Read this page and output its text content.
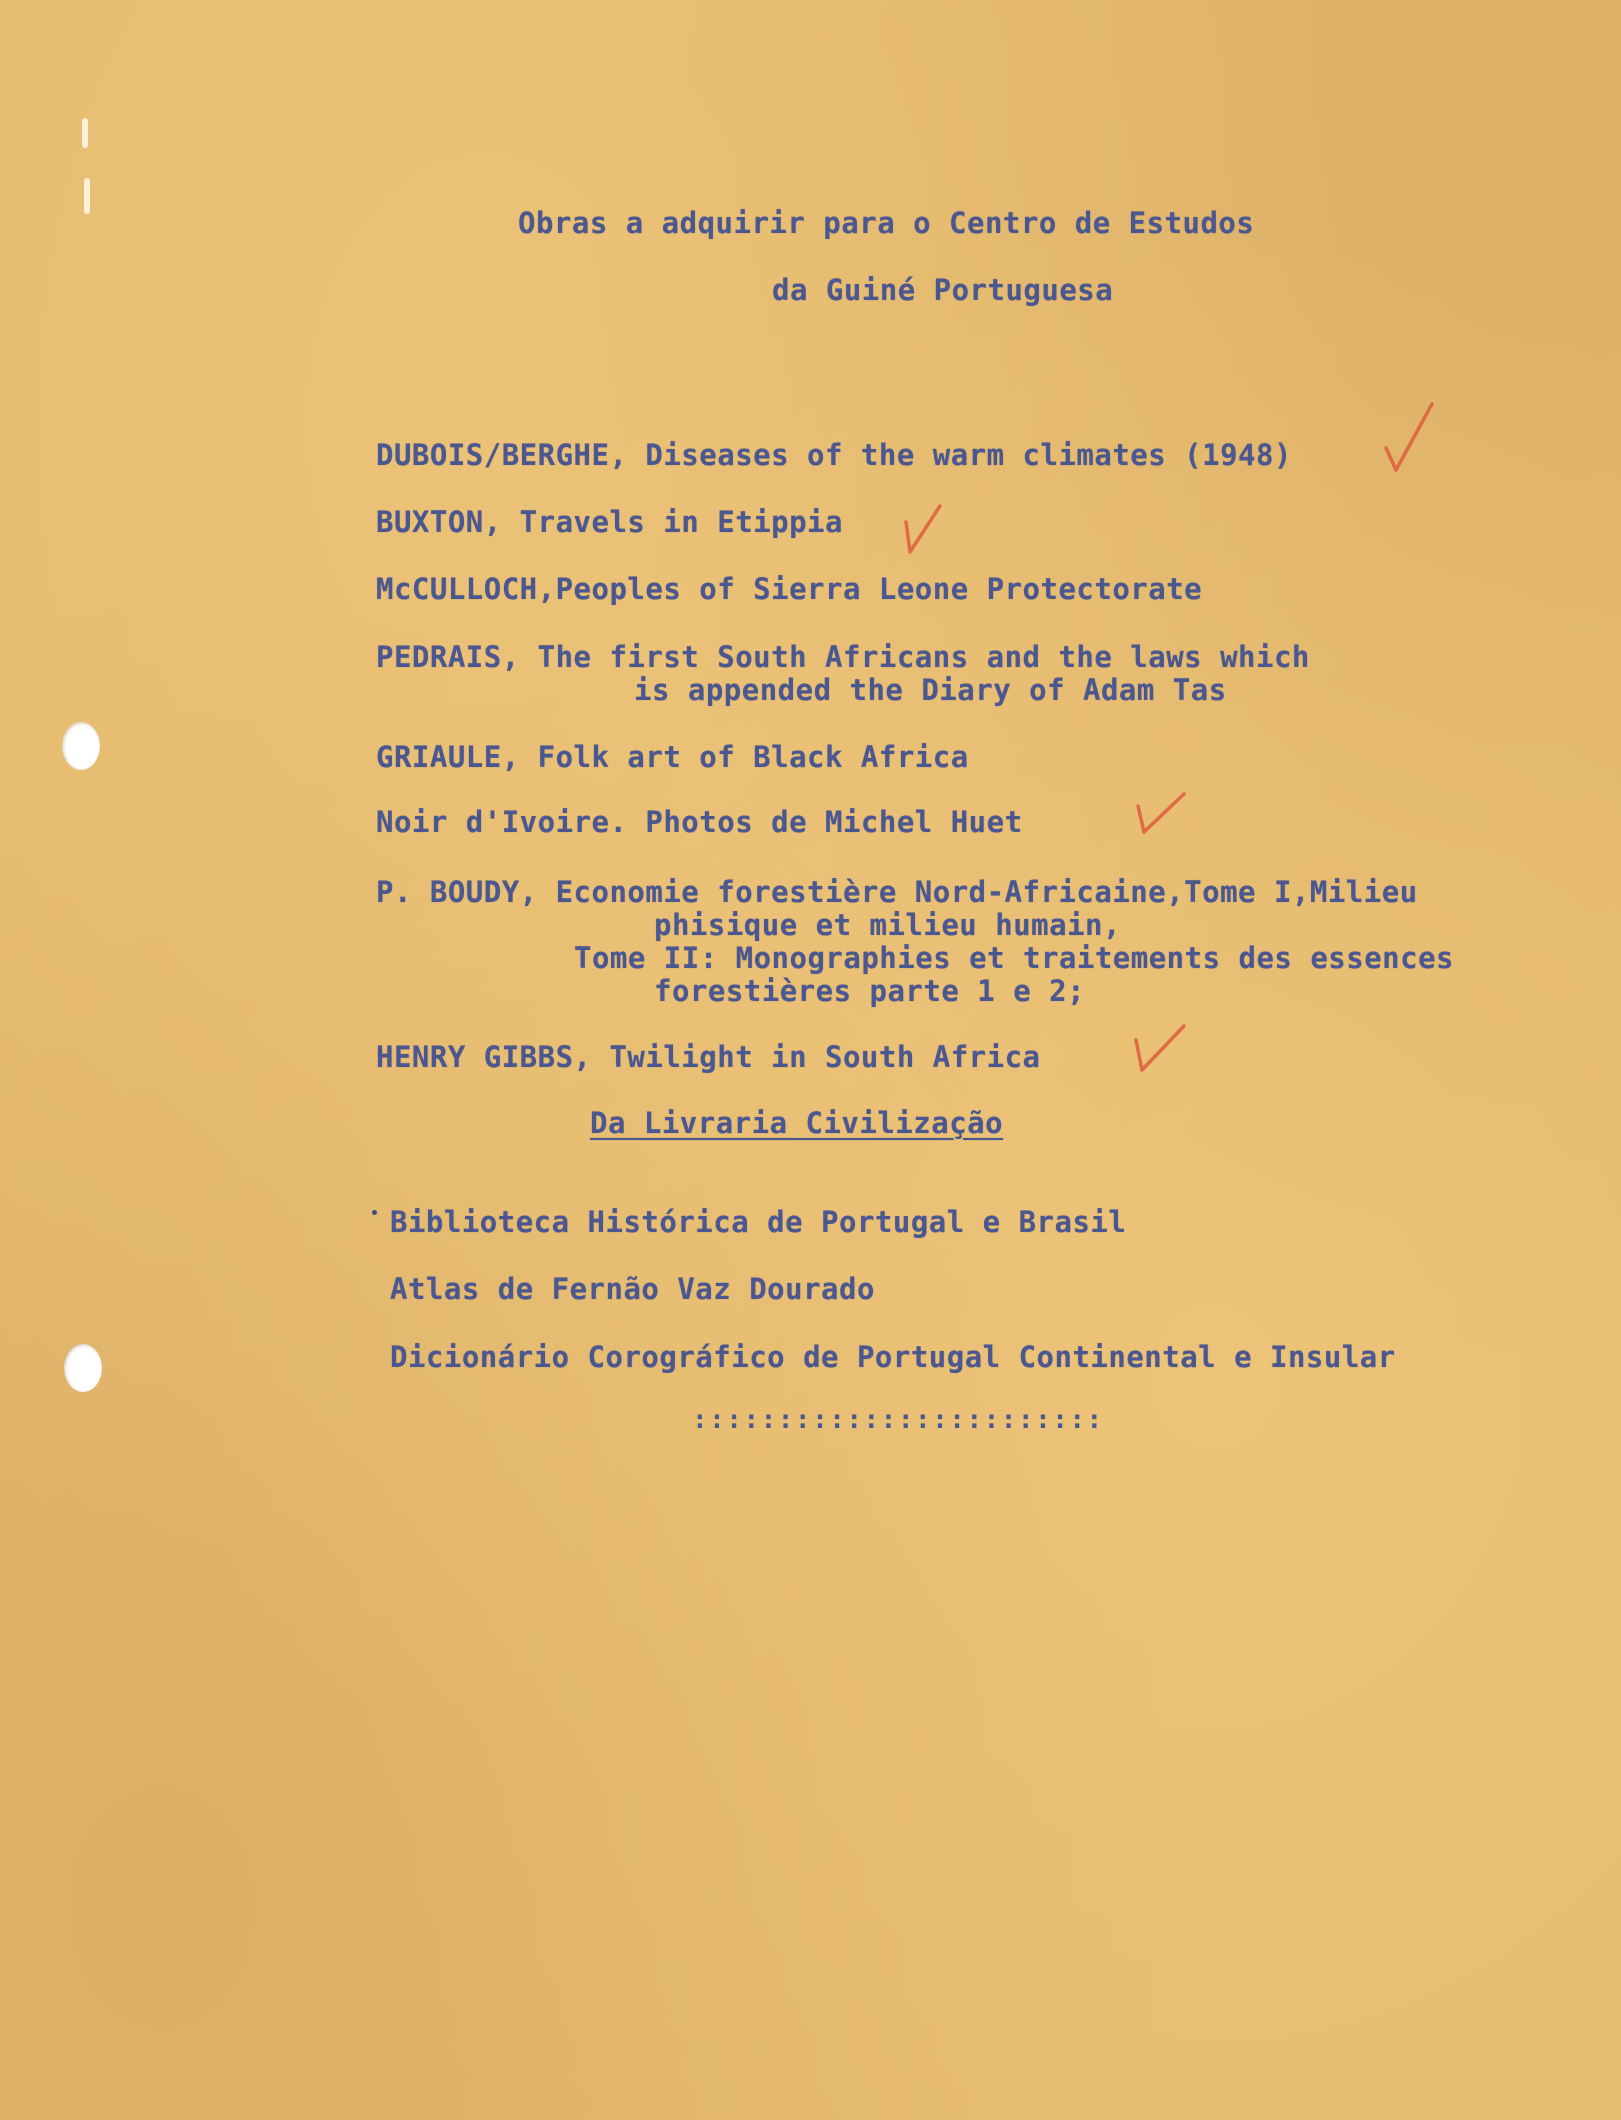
Obras a adquirir para o Centro de Estudos
da Guiné Portuguesa
DUBOIS/BERGHE, Diseases of the warm climates (1948)
BUXTON, Travels in Etippia
McCULLOCH,Peoples of Sierra Leone Protectorate
PEDRAIS, The first South Africans and the laws which
is appended the Diary of Adam Tas
GRIAULE, Folk art of Black Africa
Noir d'Ivoire. Photos de Michel Huet
P. BOUDY, Economie forestière Nord-Africaine,Tome I,Milieu
phisique et milieu humain,
Tome II: Monographies et traitements des essences
forestières parte 1 e 2;
HENRY GIBBS, Twilight in South Africa
Da Livraria Civilização
Biblioteca Histórica de Portugal e Brasil
Atlas de Fernão Vaz Dourado
Dicionário Corográfico de Portugal Continental e Insular
::::::::::::::::::::::::
